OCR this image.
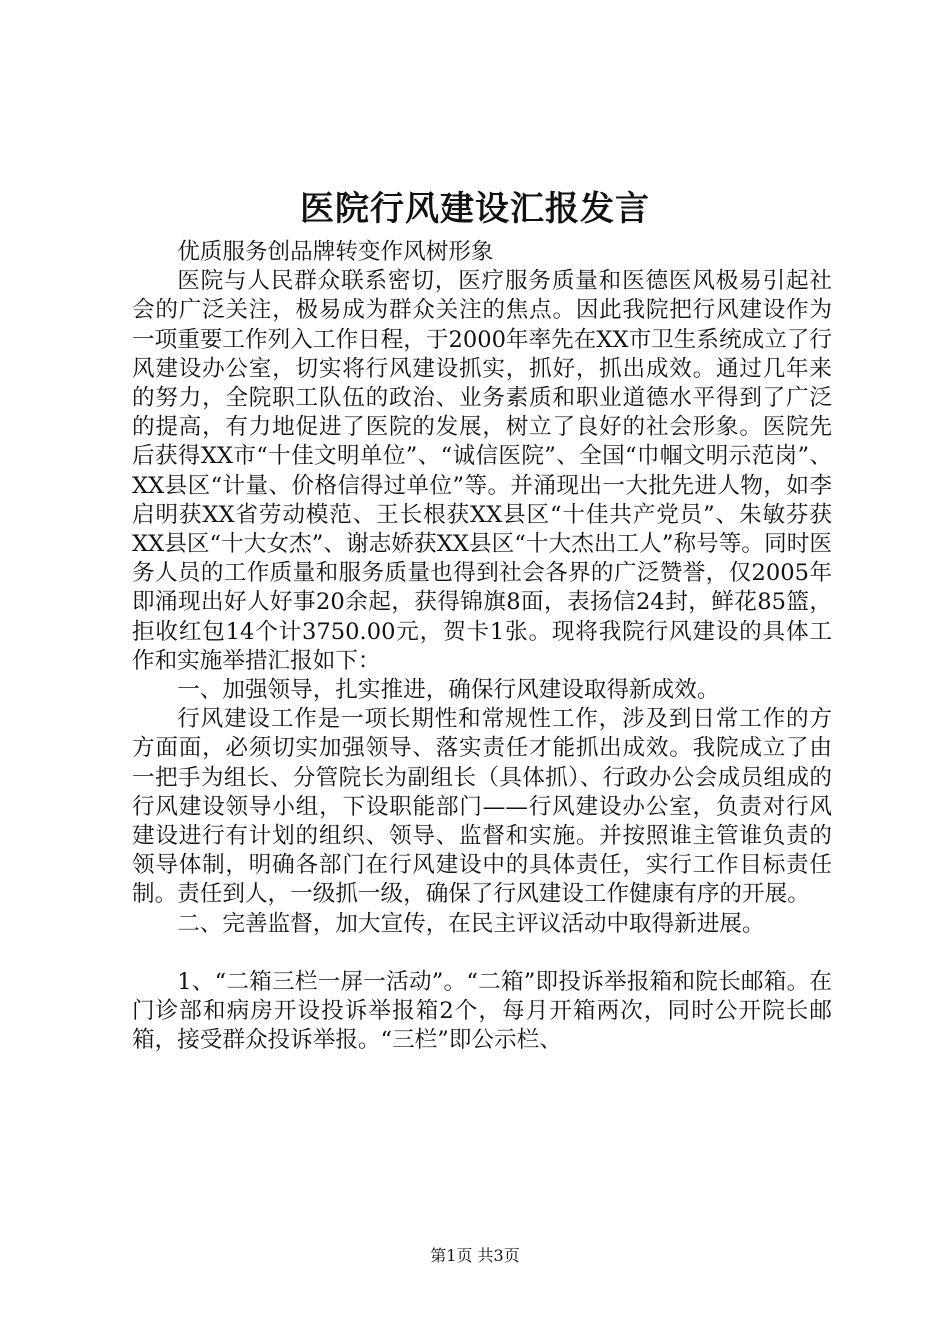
医院行风建设汇报发言

优质服务创品牌转变作风树形象

医院与人民群众联系密切，医疗服务质量和医德医风极易引起社会的广泛关注，极易成为群众关注的焦点。因此我院把行风建设作为一项重要工作列入工作日程，于2000年率先在XX市卫生系统成立了行风建设办公室，切实将行风建设抓实，抓好，抓出成效。通过几年来的努力，全院职工队伍的政治、业务素质和职业道德水平得到了广泛的提高，有力地促进了医院的发展，树立了良好的社会形象。医院先后获得XX市“十佳文明单位”、“诚信医院”、全国“巾帼文明示范岗”、XX县区“计量、价格信得过单位”等。并涌现出一大批先进人物，如李启明获XX省劳动模范、王长根获XX县区“十佳共产党员”、朱敏芬获XX县区“十大女杰”、谢志娇获XX县区“十大杰出工人”称号等。同时医务人员的工作质量和服务质量也得到社会各界的广泛赞誉，仅2005年即涌现出好人好事20余起，获得锦旗8面，表扬信24封，鲜花85篮，拒收红包14个计3750.00元，贺卡1张。现将我院行风建设的具体工作和实施举措汇报如下：

一、加强领导，扎实推进，确保行风建设取得新成效。

行风建设工作是一项长期性和常规性工作，涉及到日常工作的方方面面，必须切实加强领导、落实责任才能抓出成效。我院成立了由一把手为组长、分管院长为副组长（具体抓）、行政办公会成员组成的行风建设领导小组，下设职能部门——行风建设办公室，负责对行风建设进行有计划的组织、领导、监督和实施。并按照谁主管谁负责的领导体制，明确各部门在行风建设中的具体责任，实行工作目标责任制。责任到人，一级抓一级，确保了行风建设工作健康有序的开展。

二、完善监督，加大宣传，在民主评议活动中取得新进展。

1、“二箱三栏一屏一活动”。“二箱”即投诉举报箱和院长邮箱。在门诊部和病房开设投诉举报箱2个，每月开箱两次，同时公开院长邮箱，接受群众投诉举报。“三栏”即公示栏、

第1页 共3页
